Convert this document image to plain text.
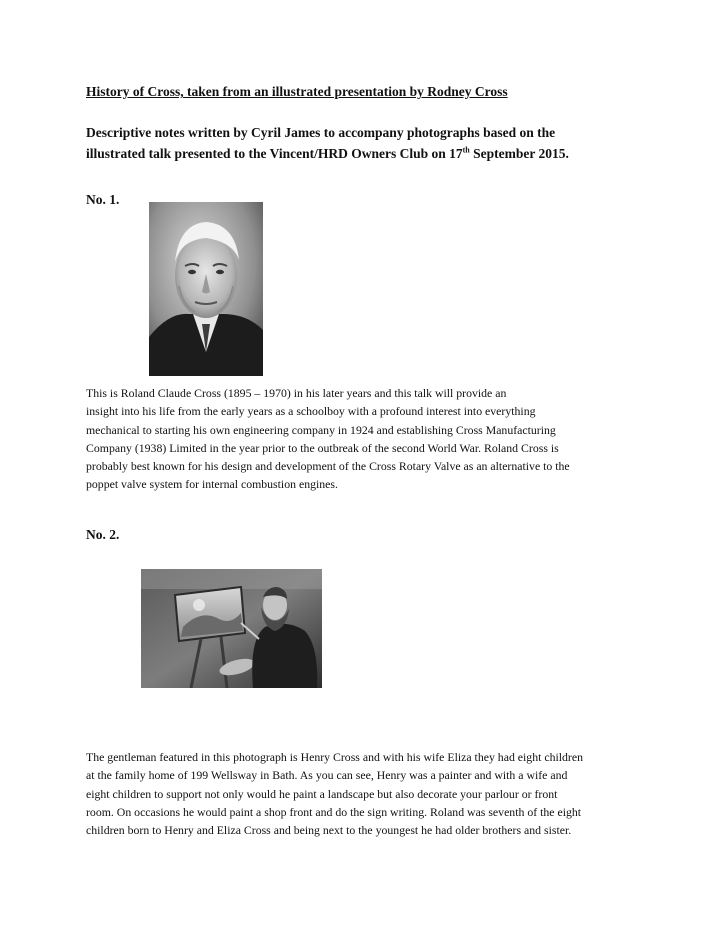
History of Cross, taken from an illustrated presentation by Rodney Cross
Descriptive notes written by Cyril James to accompany photographs based on the
illustrated talk presented to the Vincent/HRD Owners Club on 17th September 2015.
No. 1.
This is Roland Claude Cross (1895 – 1970) in his later years and this talk will provide an
insight into his life from the early years as a schoolboy with a profound interest into everything
mechanical to starting his own engineering company in 1924 and establishing Cross Manufacturing
Company (1938) Limited in the year prior to the outbreak of the second World War. Roland Cross is
probably best known for his design and development of the Cross Rotary Valve as an alternative to the
poppet valve system for internal combustion engines.
No. 2.
The gentleman featured in this photograph is Henry Cross and with his wife Eliza they had eight children
at the family home of 199 Wellsway in Bath. As you can see, Henry was a painter and with a wife and
eight children to support not only would he paint a landscape but also decorate your parlour or front
room. On occasions he would paint a shop front and do the sign writing. Roland was seventh of the eight
children born to Henry and Eliza Cross and being next to the youngest he had older brothers and sister.
